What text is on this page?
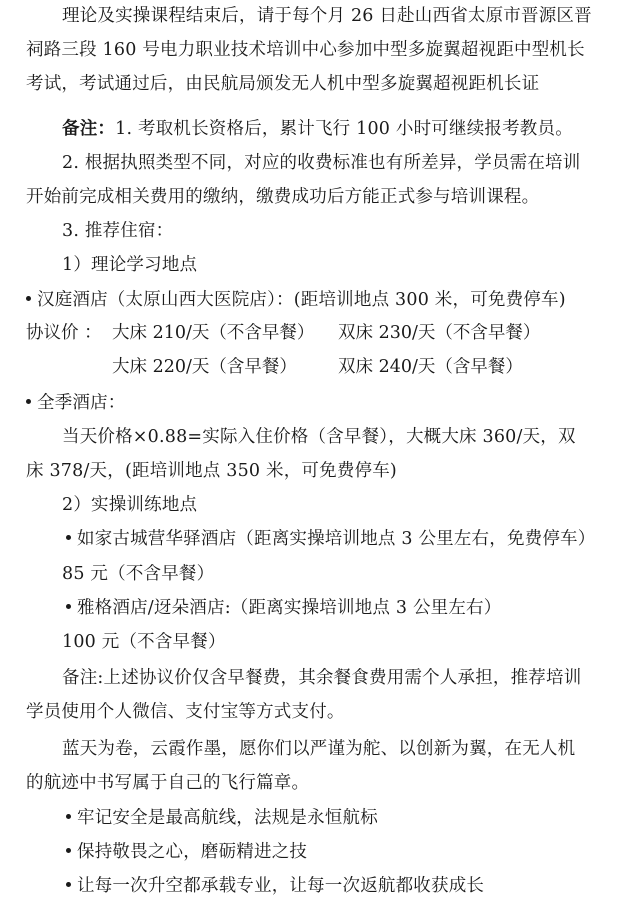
理论及实操课程结束后，请于每个月 26 日赴山西省太原市晋源区晋
祠路三段 160 号电力职业技术培训中心参加中型多旋翼超视距中型机长
考试，考试通过后，由民航局颁发无人机中型多旋翼超视距机长证
备注：1. 考取机长资格后，累计飞行 100 小时可继续报考教员。
2. 根据执照类型不同，对应的收费标准也有所差异，学员需在培训
开始前完成相关费用的缴纳，缴费成功后方能正式参与培训课程。
3. 推荐住宿：
1）理论学习地点
汉庭酒店（太原山西大医院店）：(距培训地点 300 米，可免费停车)
协议价 ： 大床 210/天（不含早餐） 双床 230/天（不含早餐）
大床 220/天（含早餐） 双床 240/天（含早餐）
全季酒店：
当天价格×0.88=实际入住价格（含早餐），大概大床 360/天，双
床 378/天，(距培训地点 350 米，可免费停车)
2）实操训练地点
如家古城营华驿酒店（距离实操培训地点 3 公里左右，免费停车）
85 元（不含早餐）
雅格酒店/迓朵酒店:（距离实操培训地点 3 公里左右）
100 元（不含早餐）
备注:上述协议价仅含早餐费，其余餐食费用需个人承担，推荐培训
学员使用个人微信、支付宝等方式支付。
蓝天为卷，云霞作墨，愿你们以严谨为舵、以创新为翼，在无人机
的航迹中书写属于自己的飞行篇章。
牢记安全是最高航线，法规是永恒航标
保持敬畏之心，磨砺精进之技
让每一次升空都承载专业，让每一次返航都收获成长
